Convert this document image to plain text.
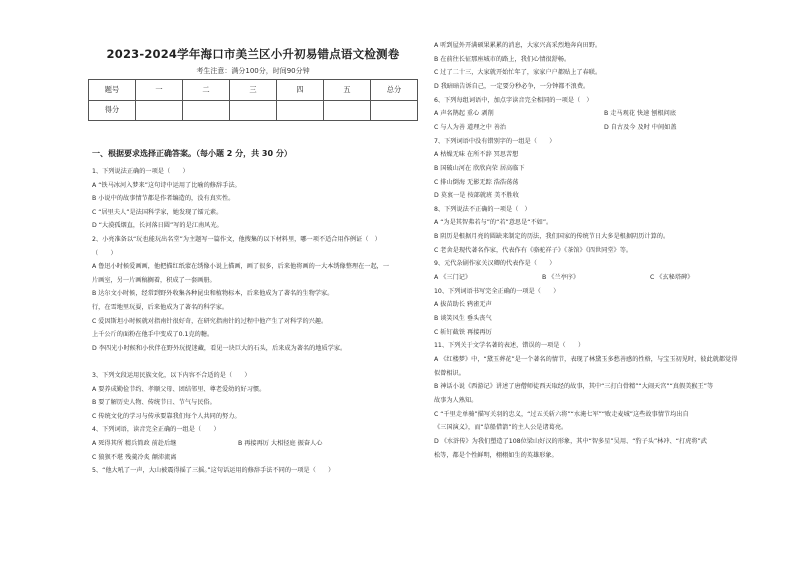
2023-2024学年海口市美兰区小升初易错点语文检测卷
考生注意：满分100分，时间90分钟
题号	一	二	三	四	五	总分
得分						
一、根据要求选择正确答案。（每小题 2 分，共 30 分）
1、下列说法正确的一项是（　　）
A “铁马冰河入梦来”这句诗中运用了比喻的修辞手法。
B 小说中的故事情节都是作者编造的，没有真实性。
C “居里夫人”是法国科学家，她发现了镭元素。
D “大漠孤烟直，长河落日圆”写的是江南风光。
2、小亮准备以“玩也能玩出名堂”为主题写一篇作文，他搜集的以下材料里，哪一项不适合用作例证（　）
（　　）
A 鲁迅小时候爱画画，他把描红纸蒙在绣像小说上描画，画了很多，后来他将画的一大本绣像整理在一起，一
片画室，另一片画稿搁着，积成了一套画册。
B 达尔文小时候，经常到野外收集各种昆虫和植物标本，后来他成为了著名的生物学家。
行，在雪地里玩耍，后来他成为了著名的科学家。
C 爱因斯坦小时候就对指南针很好奇，在研究指南针的过程中他产生了对科学的兴趣。
上千公斤的面粉在他手中变成了0.1克的糖。
D 李四光小时候和小伙伴在野外玩捉迷藏，看见一块巨大的石头，后来成为著名的地质学家。
3、下列文段运用民族文化，以下内容不合适的是（　　）
A 要养成勤俭节约、孝顺父母、团结邻里、尊老爱幼的好习惯。
B 要了解历史人物、传统节日、节气与民俗。
C 传统文化的学习与传承要靠我们每个人共同的努力。
4、下列词语，读音完全正确的一组是（　　）
A 死得其所 精兵简政 前赴后继	B 再接再厉 大相径庭 振奋人心
C 狼狈不堪 残羹冷炙 颠沛流离
5、“他大吼了一声，大山被震得摇了三摇。”这句话运用的修辞手法不同的一项是（　　）
A 听到屋外开满硕果累累的消息，大家兴高采烈地奔向田野。
B 在前往长征那座城市的路上，我们心情很舒畅。
C 过了二十三，大家就开始忙年了，家家户户都贴上了春联。
D 我暗暗告诉自己，一定要分秒必争，一分钟都不浪费。
6、下列每组词语中，加点字读音完全相同的一项是（　）
A 声名鹊起 重心 剥削	B 走马观花 快速 刨根问底
C 与人为善 道理之中 善治	D 自古及今 及时 中间如盖
7、下列词语中没有错别字的一组是（　　）
A 枯燥无味 在所不辞 冥思苦想
B 国破山河在 欣欣向荣 居高临下
C 排山倒海 无影无踪 浩浩荡荡
D 莫衷一是 按部就班 美不胜收
8、下列说法不正确的一项是（　）
A “为是其智弗若与”的“若”意思是“不如”。
B 阴历是根据月亮的圆缺来制定的历法，我们国家的传统节日大多是根据阴历计算的。
C 老舍是现代著名作家，代表作有《骆驼祥子》《茶馆》《四世同堂》等。
9、元代杂剧作家关汉卿的代表作是（　　）
A 《三门记》	B 《兰亭序》	C 《玄秘塔碑》
10、下列词语书写完全正确的一项是（　　）
A 拔苗助长 鸦雀无声
B 谈笑风生 垂头丧气
C 斩钉截铁 再接再厉
11、下列关于文学名著的表述，错误的一项是（　　）
A 《红楼梦》中，“黛玉葬花”是一个著名的情节，表现了林黛玉多愁善感的性格，与宝玉初见时，彼此就都觉得
似曾相识。
B 神话小说《西游记》讲述了唐僧师徒西天取经的故事，其中“三打白骨精”“大闹天宫”“真假美猴王”等
故事为人熟知。
C “千里走单骑”描写关羽的忠义，“过五关斩六将”“水淹七军”“败走麦城”这些故事情节均出自
《三国演义》，而“草船借箭”的主人公是诸葛亮。
D 《水浒传》为我们塑造了108位梁山好汉的形象，其中“智多星”吴用、“豹子头”林冲、“打虎将”武
松等，都是个性鲜明，栩栩如生的英雄形象。
